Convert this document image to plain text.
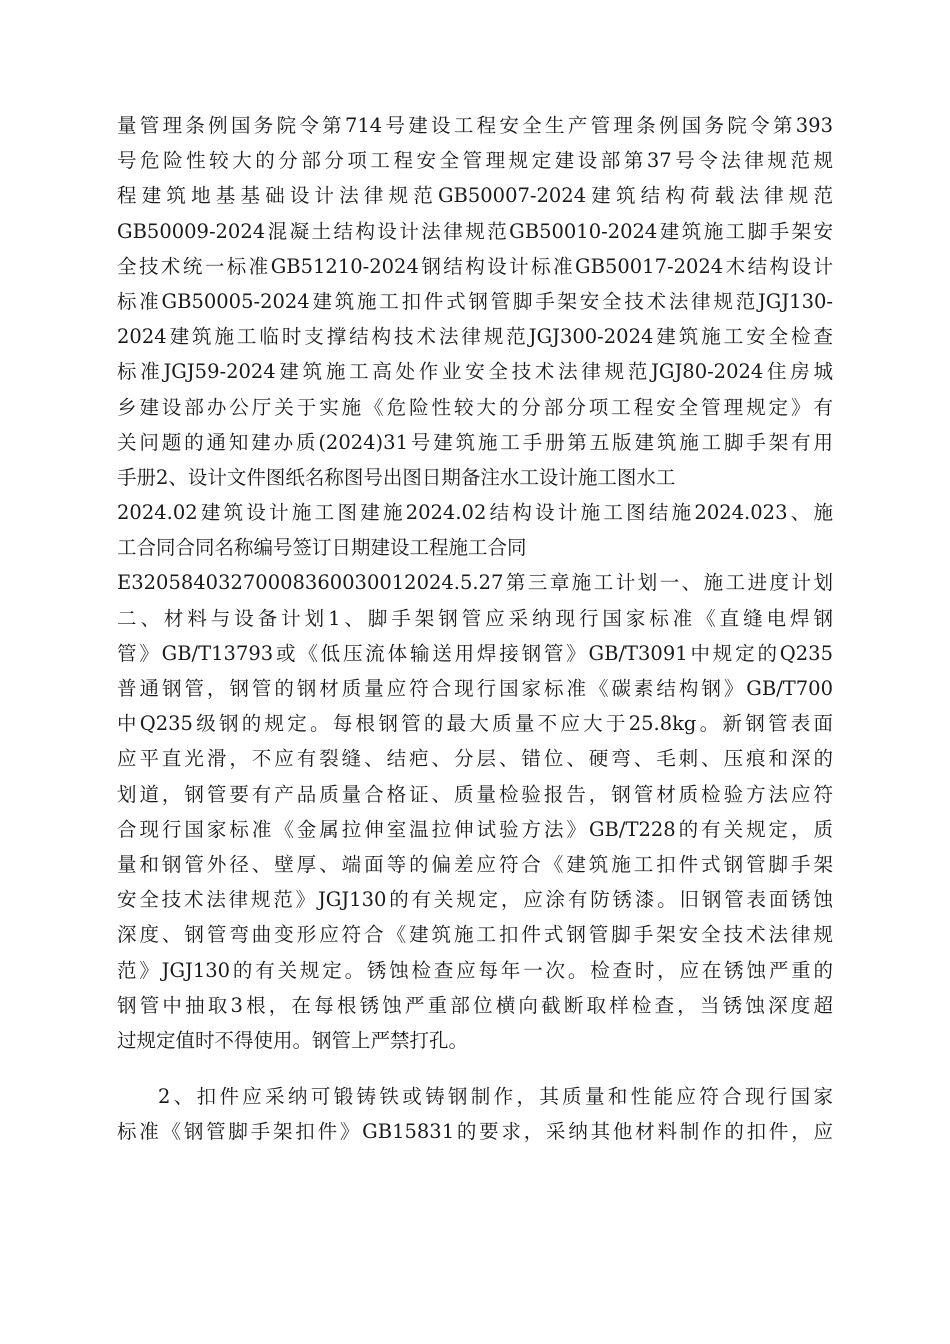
量管理条例国务院令第714号建设工程安全生产管理条例国务院令第393
号危险性较大的分部分项工程安全管理规定建设部第37号令法律规范规
程建筑地基基础设计法律规范GB50007-2024建筑结构荷载法律规范
GB50009-2024混凝土结构设计法律规范GB50010-2024建筑施工脚手架安
全技术统一标准GB51210-2024钢结构设计标准GB50017-2024木结构设计
标准GB50005-2024建筑施工扣件式钢管脚手架安全技术法律规范JGJ130-
2024建筑施工临时支撑结构技术法律规范JGJ300-2024建筑施工安全检查
标准JGJ59-2024建筑施工高处作业安全技术法律规范JGJ80-2024住房城
乡建设部办公厅关于实施《危险性较大的分部分项工程安全管理规定》有
关问题的通知建办质(2024)31号建筑施工手册第五版建筑施工脚手架有用
手册2、设计文件图纸名称图号出图日期备注水工设计施工图水工
2024.02建筑设计施工图建施2024.02结构设计施工图结施2024.023、施
工合同合同名称编号签订日期建设工程施工合同
E3205840327000836003001​2024.5.27第三章施工计划一、施工进度计划
二、材料与设备计划1、脚手架钢管应采纳现行国家标准《直缝电焊钢
管》GB/T13793或《低压流体输送用焊接钢管》GB/T3091中规定的Q235
普通钢管，钢管的钢材质量应符合现行国家标准《碳素结构钢》GB/T700
中Q235级钢的规定。每根钢管的最大质量不应大于25.8kg。新钢管表面
应平直光滑，不应有裂缝、结疤、分层、错位、硬弯、毛刺、压痕和深的
划道，钢管要有产品质量合格证、质量检验报告，钢管材质检验方法应符
合现行国家标准《金属拉伸室温拉伸试验方法》GB/T228的有关规定，质
量和钢管外径、壁厚、端面等的偏差应符合《建筑施工扣件式钢管脚手架
安全技术法律规范》JGJ130的有关规定，应涂有防锈漆。旧钢管表面锈蚀
深度、钢管弯曲变形应符合《建筑施工扣件式钢管脚手架安全技术法律规
范》JGJ130的有关规定。锈蚀检查应每年一次。检查时，应在锈蚀严重的
钢管中抽取3根，在每根锈蚀严重部位横向截断取样检查，当锈蚀深度超
过规定值时不得使用。钢管上严禁打孔。
2、扣件应采纳可锻铸铁或铸钢制作，其质量和性能应符合现行国家
标准《钢管脚手架扣件》GB15831的要求，采纳其他材料制作的扣件，应
